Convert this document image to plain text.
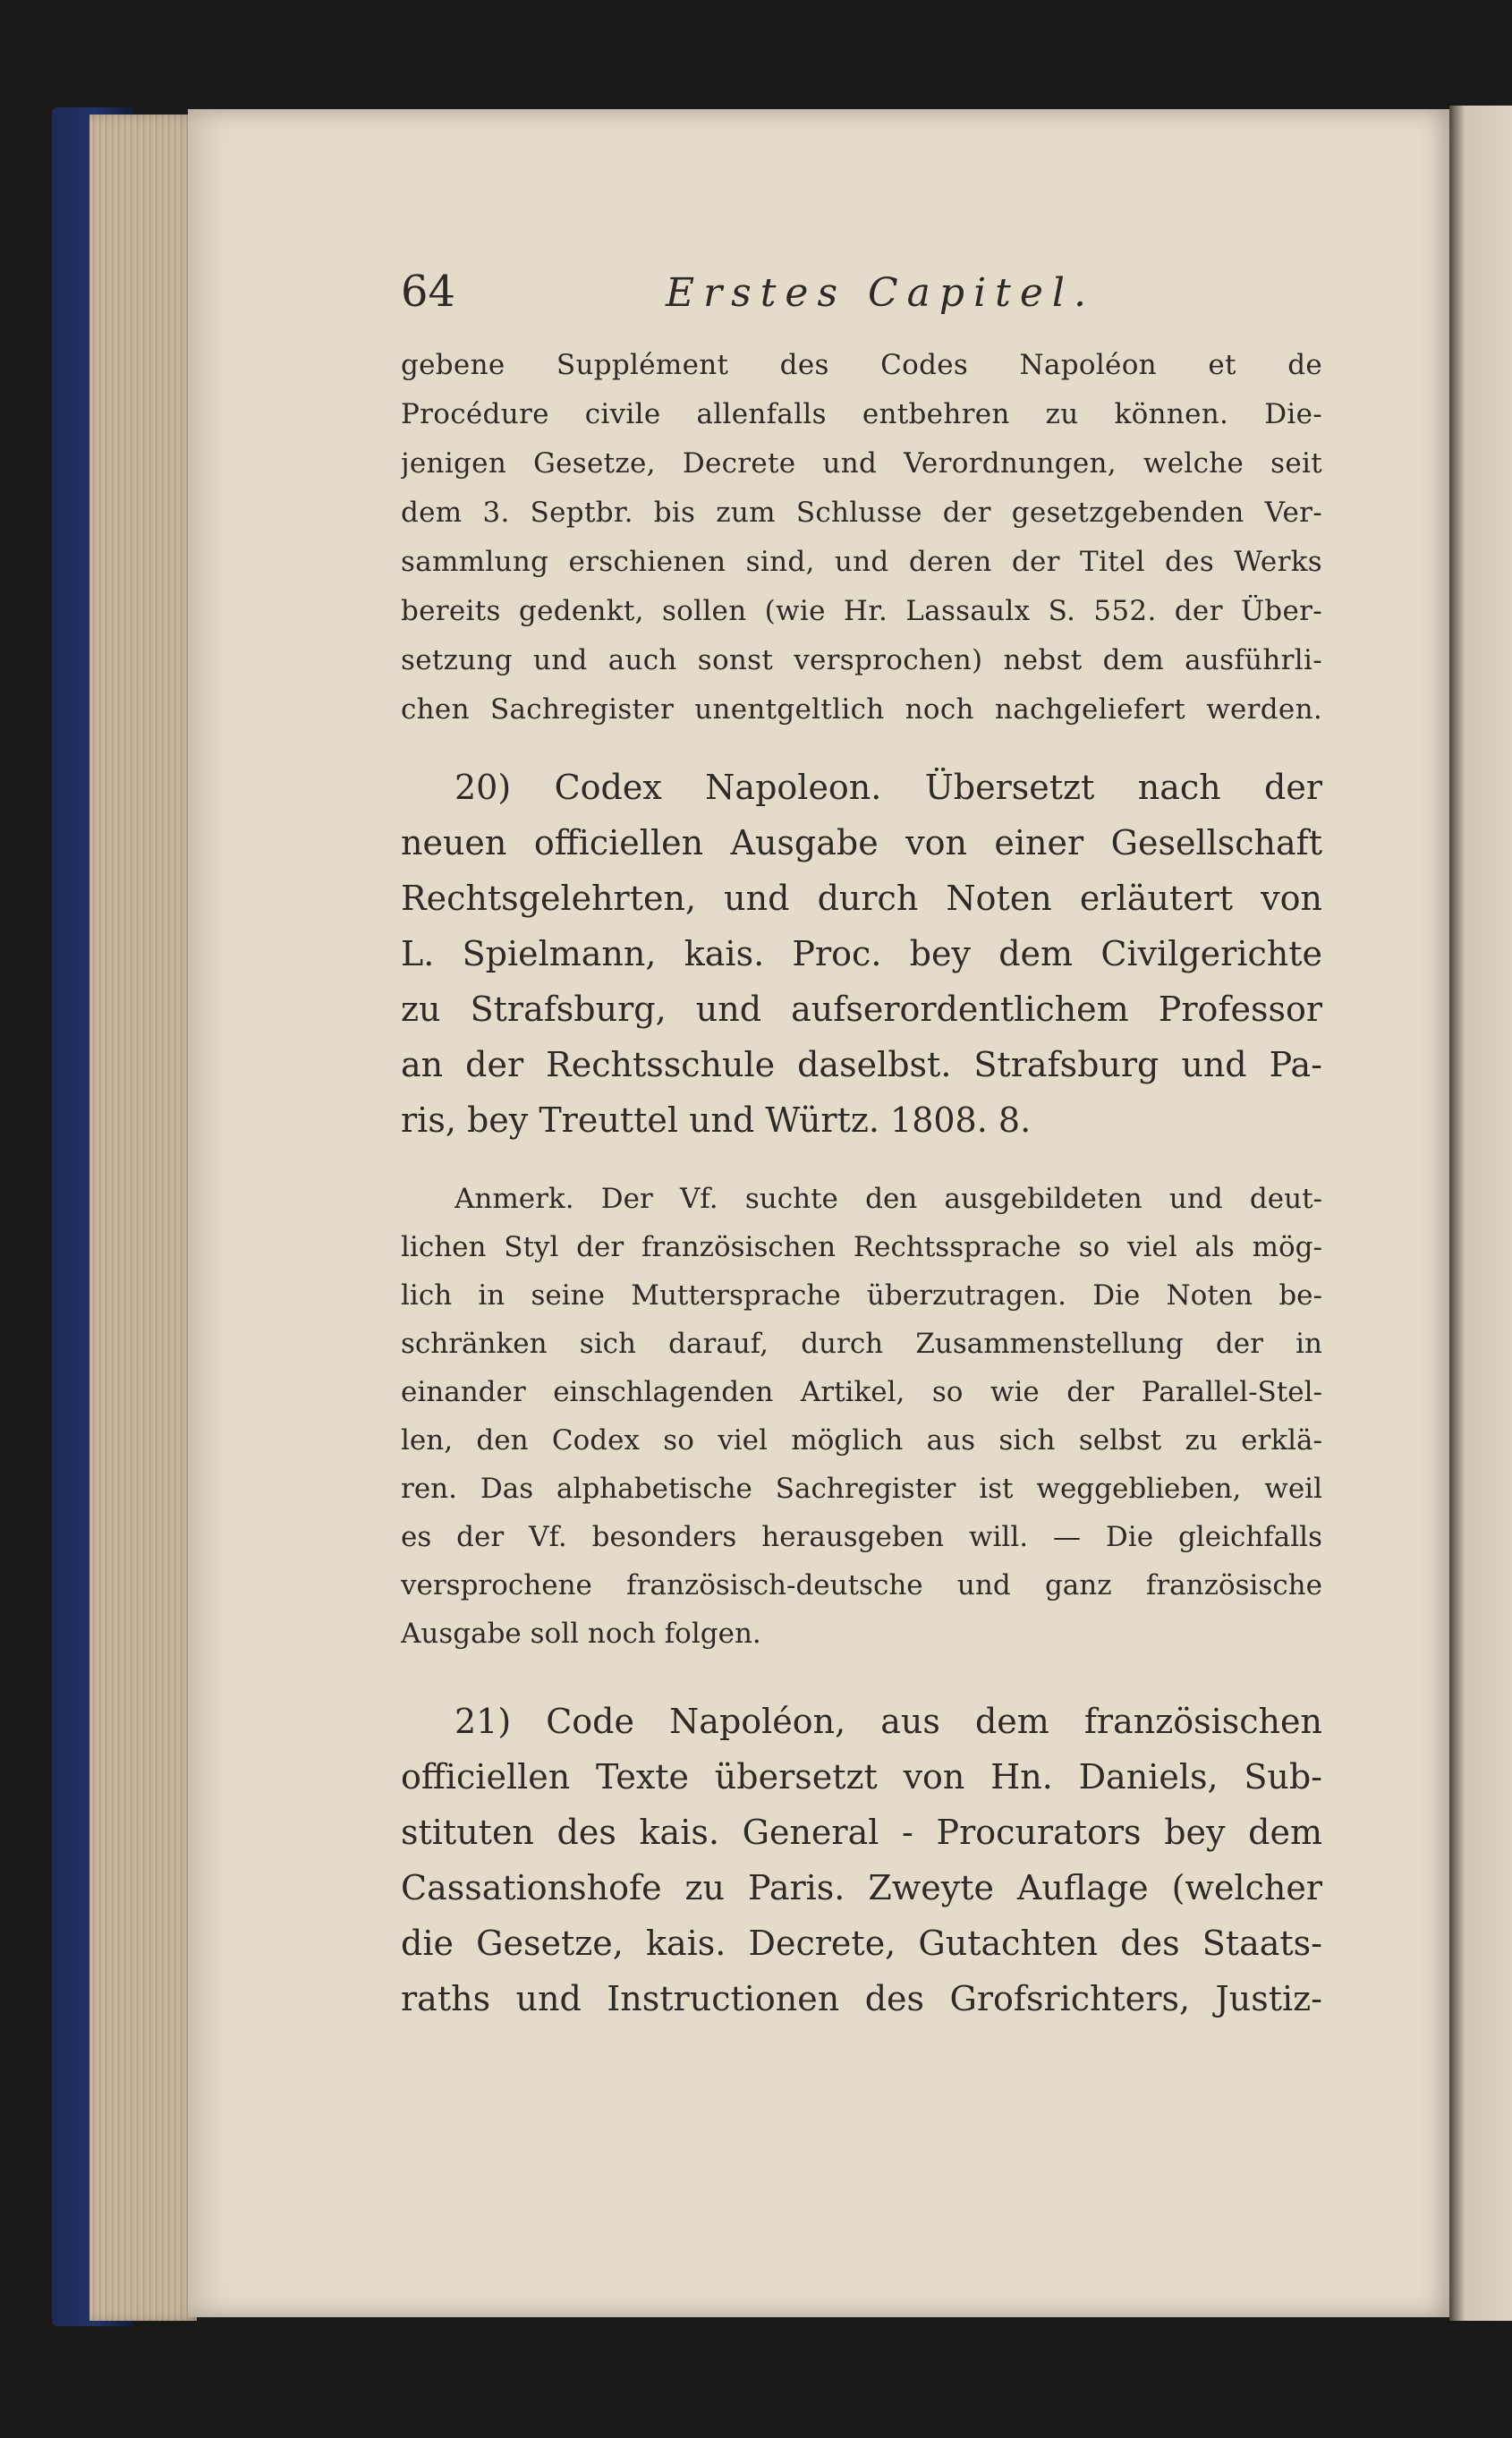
64	Erstes Capitel.
gebene Supplément des Codes Napoléon et de
Procédure civile allenfalls entbehren zu können. Die-
jenigen Gesetze, Decrete und Verordnungen, welche seit
dem 3. Septbr. bis zum Schlusse der gesetzgebenden Ver-
sammlung erschienen sind, und deren der Titel des Werks
bereits gedenkt, sollen (wie Hr. Lassaulx S. 552. der Über-
setzung und auch sonst versprochen) nebst dem ausführli-
chen Sachregister unentgeltlich noch nachgeliefert werden.
20) Codex Napoleon. Übersetzt nach der
neuen officiellen Ausgabe von einer Gesellschaft
Rechtsgelehrten, und durch Noten erläutert von
L. Spielmann, kais. Proc. bey dem Civilgerichte
zu Strafsburg, und aufserordentlichem Professor
an der Rechtsschule daselbst. Strafsburg und Pa-
ris, bey Treuttel und Würtz. 1808. 8.
Anmerk. Der Vf. suchte den ausgebildeten und deut-
lichen Styl der französischen Rechtssprache so viel als mög-
lich in seine Muttersprache überzutragen. Die Noten be-
schränken sich darauf, durch Zusammenstellung der in
einander einschlagenden Artikel, so wie der Parallel-Stel-
len, den Codex so viel möglich aus sich selbst zu erklä-
ren. Das alphabetische Sachregister ist weggeblieben, weil
es der Vf. besonders herausgeben will. — Die gleichfalls
versprochene französisch-deutsche und ganz französische
Ausgabe soll noch folgen.
21) Code Napoléon, aus dem französischen
officiellen Texte übersetzt von Hn. Daniels, Sub-
stituten des kais. General - Procurators bey dem
Cassationshofe zu Paris. Zweyte Auflage (welcher
die Gesetze, kais. Decrete, Gutachten des Staats-
raths und Instructionen des Grofsrichters, Justiz-
